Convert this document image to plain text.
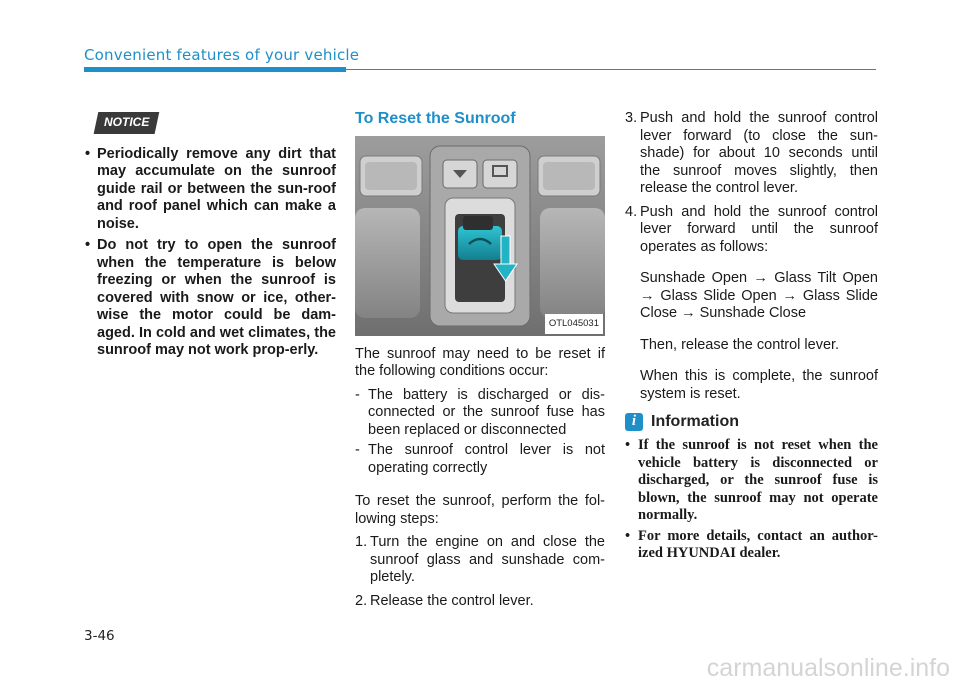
Convenient features of your vehicle
NOTICE
• Periodically remove any dirt that may accumulate on the sunroof guide rail or between the sun-roof and roof panel which can make a noise.
• Do not try to open the sunroof when the temperature is below freezing or when the sunroof is covered with snow or ice, other-wise the motor could be dam-aged. In cold and wet climates, the sunroof may not work prop-erly.
To Reset the Sunroof
OTL045031

The sunroof may need to be reset if the following conditions occur:

- The battery is discharged or dis-connected or the sunroof fuse has been replaced or disconnected
- The sunroof control lever is not operating correctly

To reset the sunroof, perform the fol-lowing steps:

1. Turn the engine on and close the sunroof glass and sunshade com-pletely.
2. Release the control lever.
3. Push and hold the sunroof control lever forward (to close the sun-shade) for about 10 seconds until the sunroof moves slightly, then release the control lever.
4. Push and hold the sunroof control lever forward until the sunroof operates as follows:

Sunshade Open → Glass Tilt Open → Glass Slide Open → Glass Slide Close → Sunshade Close

Then, release the control lever.

When this is complete, the sunroof system is reset.

i Information
• If the sunroof is not reset when the vehicle battery is disconnected or discharged, or the sunroof fuse is blown, the sunroof may not operate normally.
• For more details, contact an author-ized HYUNDAI dealer.
3-46
carmanualsonline.info
